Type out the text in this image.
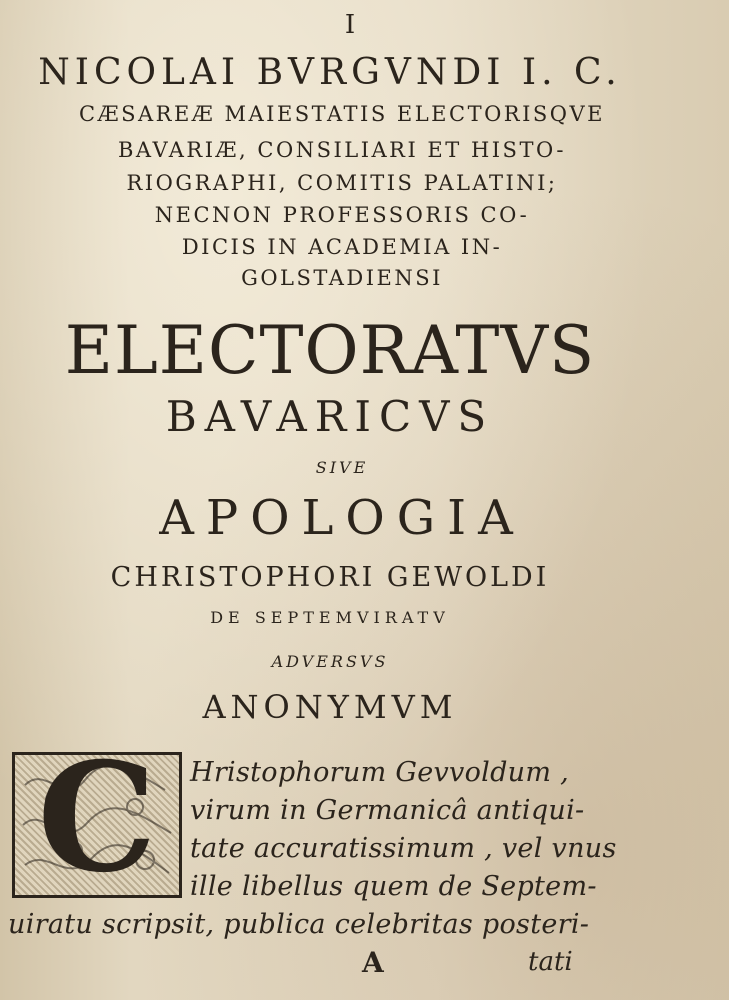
I
NICOLAI BVRGVNDI I. C.
CÆSAREÆ MAIESTATIS ELECTORISQVE
BAVARIÆ, CONSILIARI ET HISTO-
RIOGRAPHI, COMITIS PALATINI;
NECNON PROFESSORIS CO-
DICIS IN ACADEMIA IN-
GOLSTADIENSI
ELECTORATVS
BAVARICVS
SIVE
APOLOGIA
CHRISTOPHORI GEWOLDI
DE SEPTEMVIRATV
ADVERSVS
ANONYMVM
C	Hristophorum Gevvoldum ,
virum in Germanicâ antiqui-
tate accuratissimum , vel vnus
ille libellus quem de Septem-
uiratu scripsit, publica celebritas posteri-
A	tati
